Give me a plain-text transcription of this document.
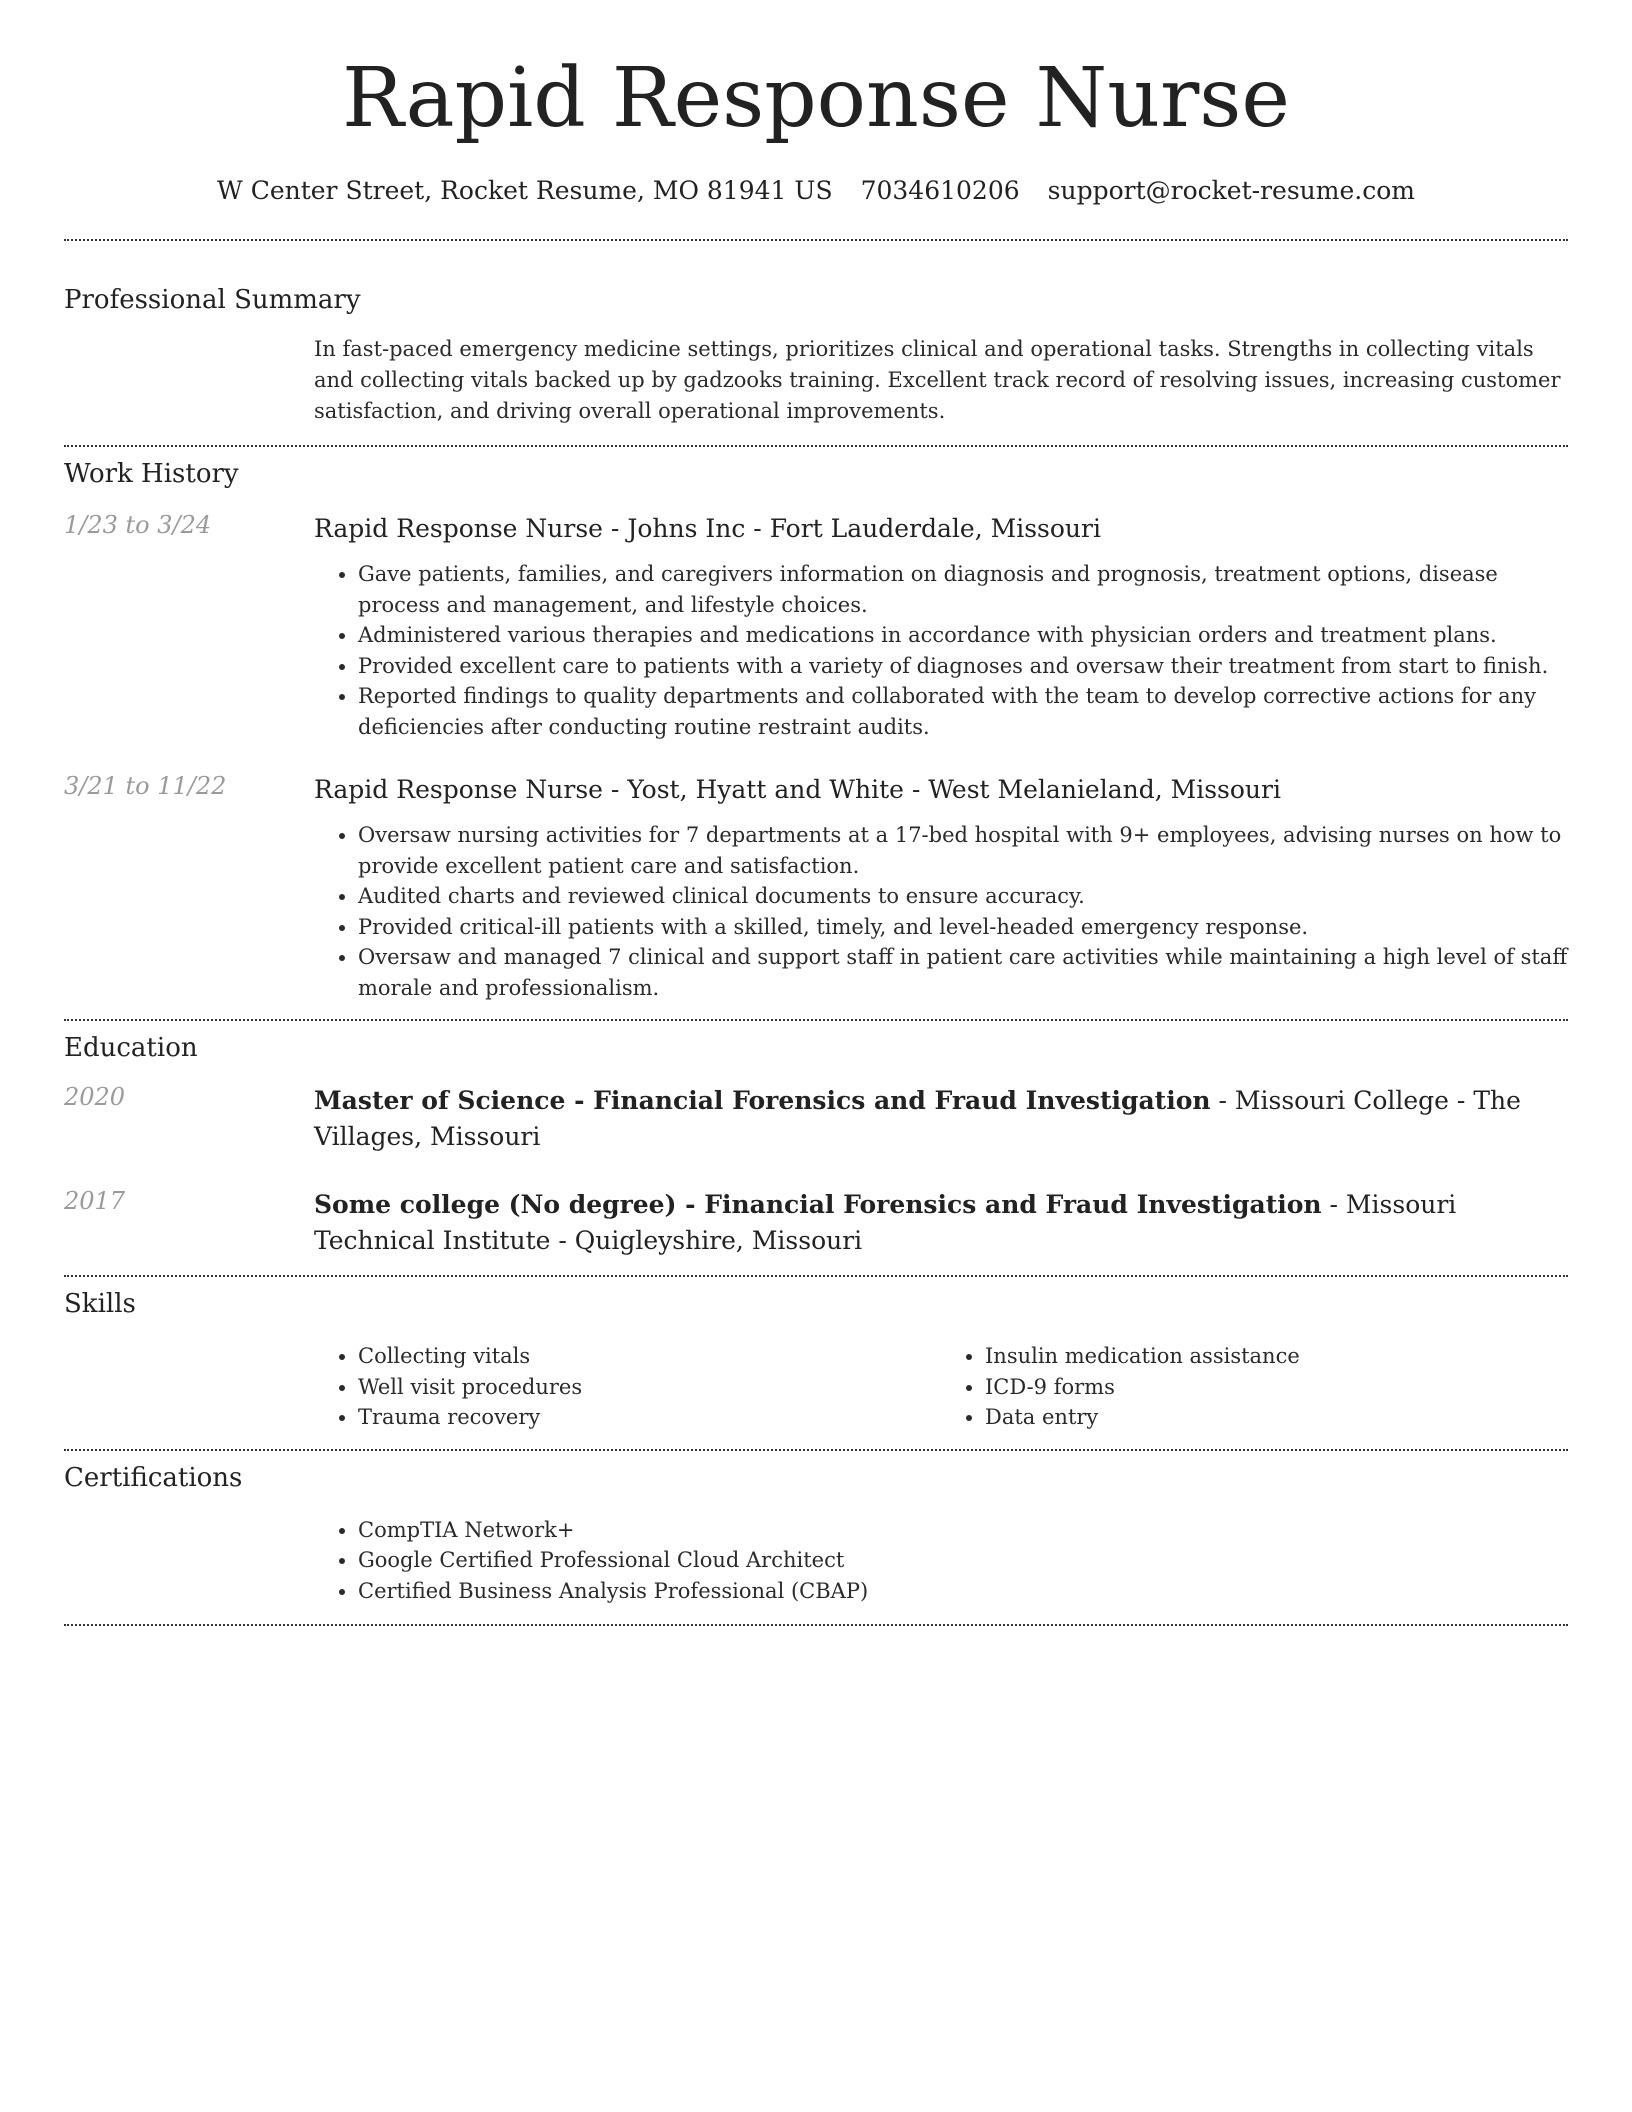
Rapid Response Nurse
W Center Street, Rocket Resume, MO 81941 US 7034610206 support@rocket-resume.com
Professional Summary

In fast-paced emergency medicine settings, prioritizes clinical and operational tasks. Strengths in collecting vitals and collecting vitals backed up by gadzooks training. Excellent track record of resolving issues, increasing customer satisfaction, and driving overall operational improvements.

Work History
1/23 to 3/24	Rapid Response Nurse - Johns Inc - Fort Lauderdale, Missouri
• Gave patients, families, and caregivers information on diagnosis and prognosis, treatment options, disease process and management, and lifestyle choices.
• Administered various therapies and medications in accordance with physician orders and treatment plans.
• Provided excellent care to patients with a variety of diagnoses and oversaw their treatment from start to finish.
• Reported findings to quality departments and collaborated with the team to develop corrective actions for any deficiencies after conducting routine restraint audits.
3/21 to 11/22	Rapid Response Nurse - Yost, Hyatt and White - West Melanieland, Missouri
• Oversaw nursing activities for 7 departments at a 17-bed hospital with 9+ employees, advising nurses on how to provide excellent patient care and satisfaction.
• Audited charts and reviewed clinical documents to ensure accuracy.
• Provided critical-ill patients with a skilled, timely, and level-headed emergency response.
• Oversaw and managed 7 clinical and support staff in patient care activities while maintaining a high level of staff morale and professionalism.
Education
2020	Master of Science - Financial Forensics and Fraud Investigation - Missouri College - The Villages, Missouri
2017	Some college (No degree) - Financial Forensics and Fraud Investigation - Missouri Technical Institute - Quigleyshire, Missouri
Skills
• Collecting vitals
• Well visit procedures
• Trauma recovery
• Insulin medication assistance
• ICD-9 forms
• Data entry
Certifications
• CompTIA Network+
• Google Certified Professional Cloud Architect
• Certified Business Analysis Professional (CBAP)
